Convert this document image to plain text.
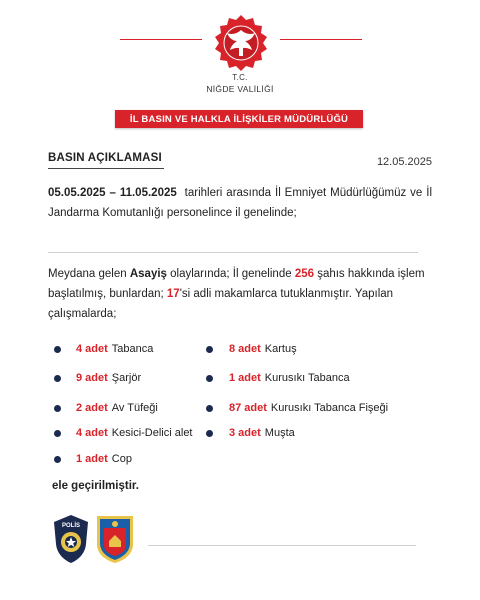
T.C.
NİĞDE VALİLİĞİ
İL BASIN VE HALKLA İLİŞKİLER MÜDÜRLÜĞÜ
BASIN AÇIKLAMASI	12.05.2025
05.05.2025 – 11.05.2025 tarihleri arasında İl Emniyet Müdürlüğümüz ve İl Jandarma Komutanlığı personelince il genelinde;
Meydana gelen Asayiş olaylarında; İl genelinde 256 şahıs hakkında işlem başlatılmış, bunlardan; 17'si adli makamlarca tutuklanmıştır. Yapılan çalışmalarda;
4 adet Tabanca
9 adet Şarjör
2 adet Av Tüfeği
4 adet Kesici-Delici alet
1 adet Cop
8 adet Kartuş
1 adet Kurusıkı Tabanca
87 adet Kurusıkı Tabanca Fişeği
3 adet Muşta
ele geçirilmiştir.
POLİS
